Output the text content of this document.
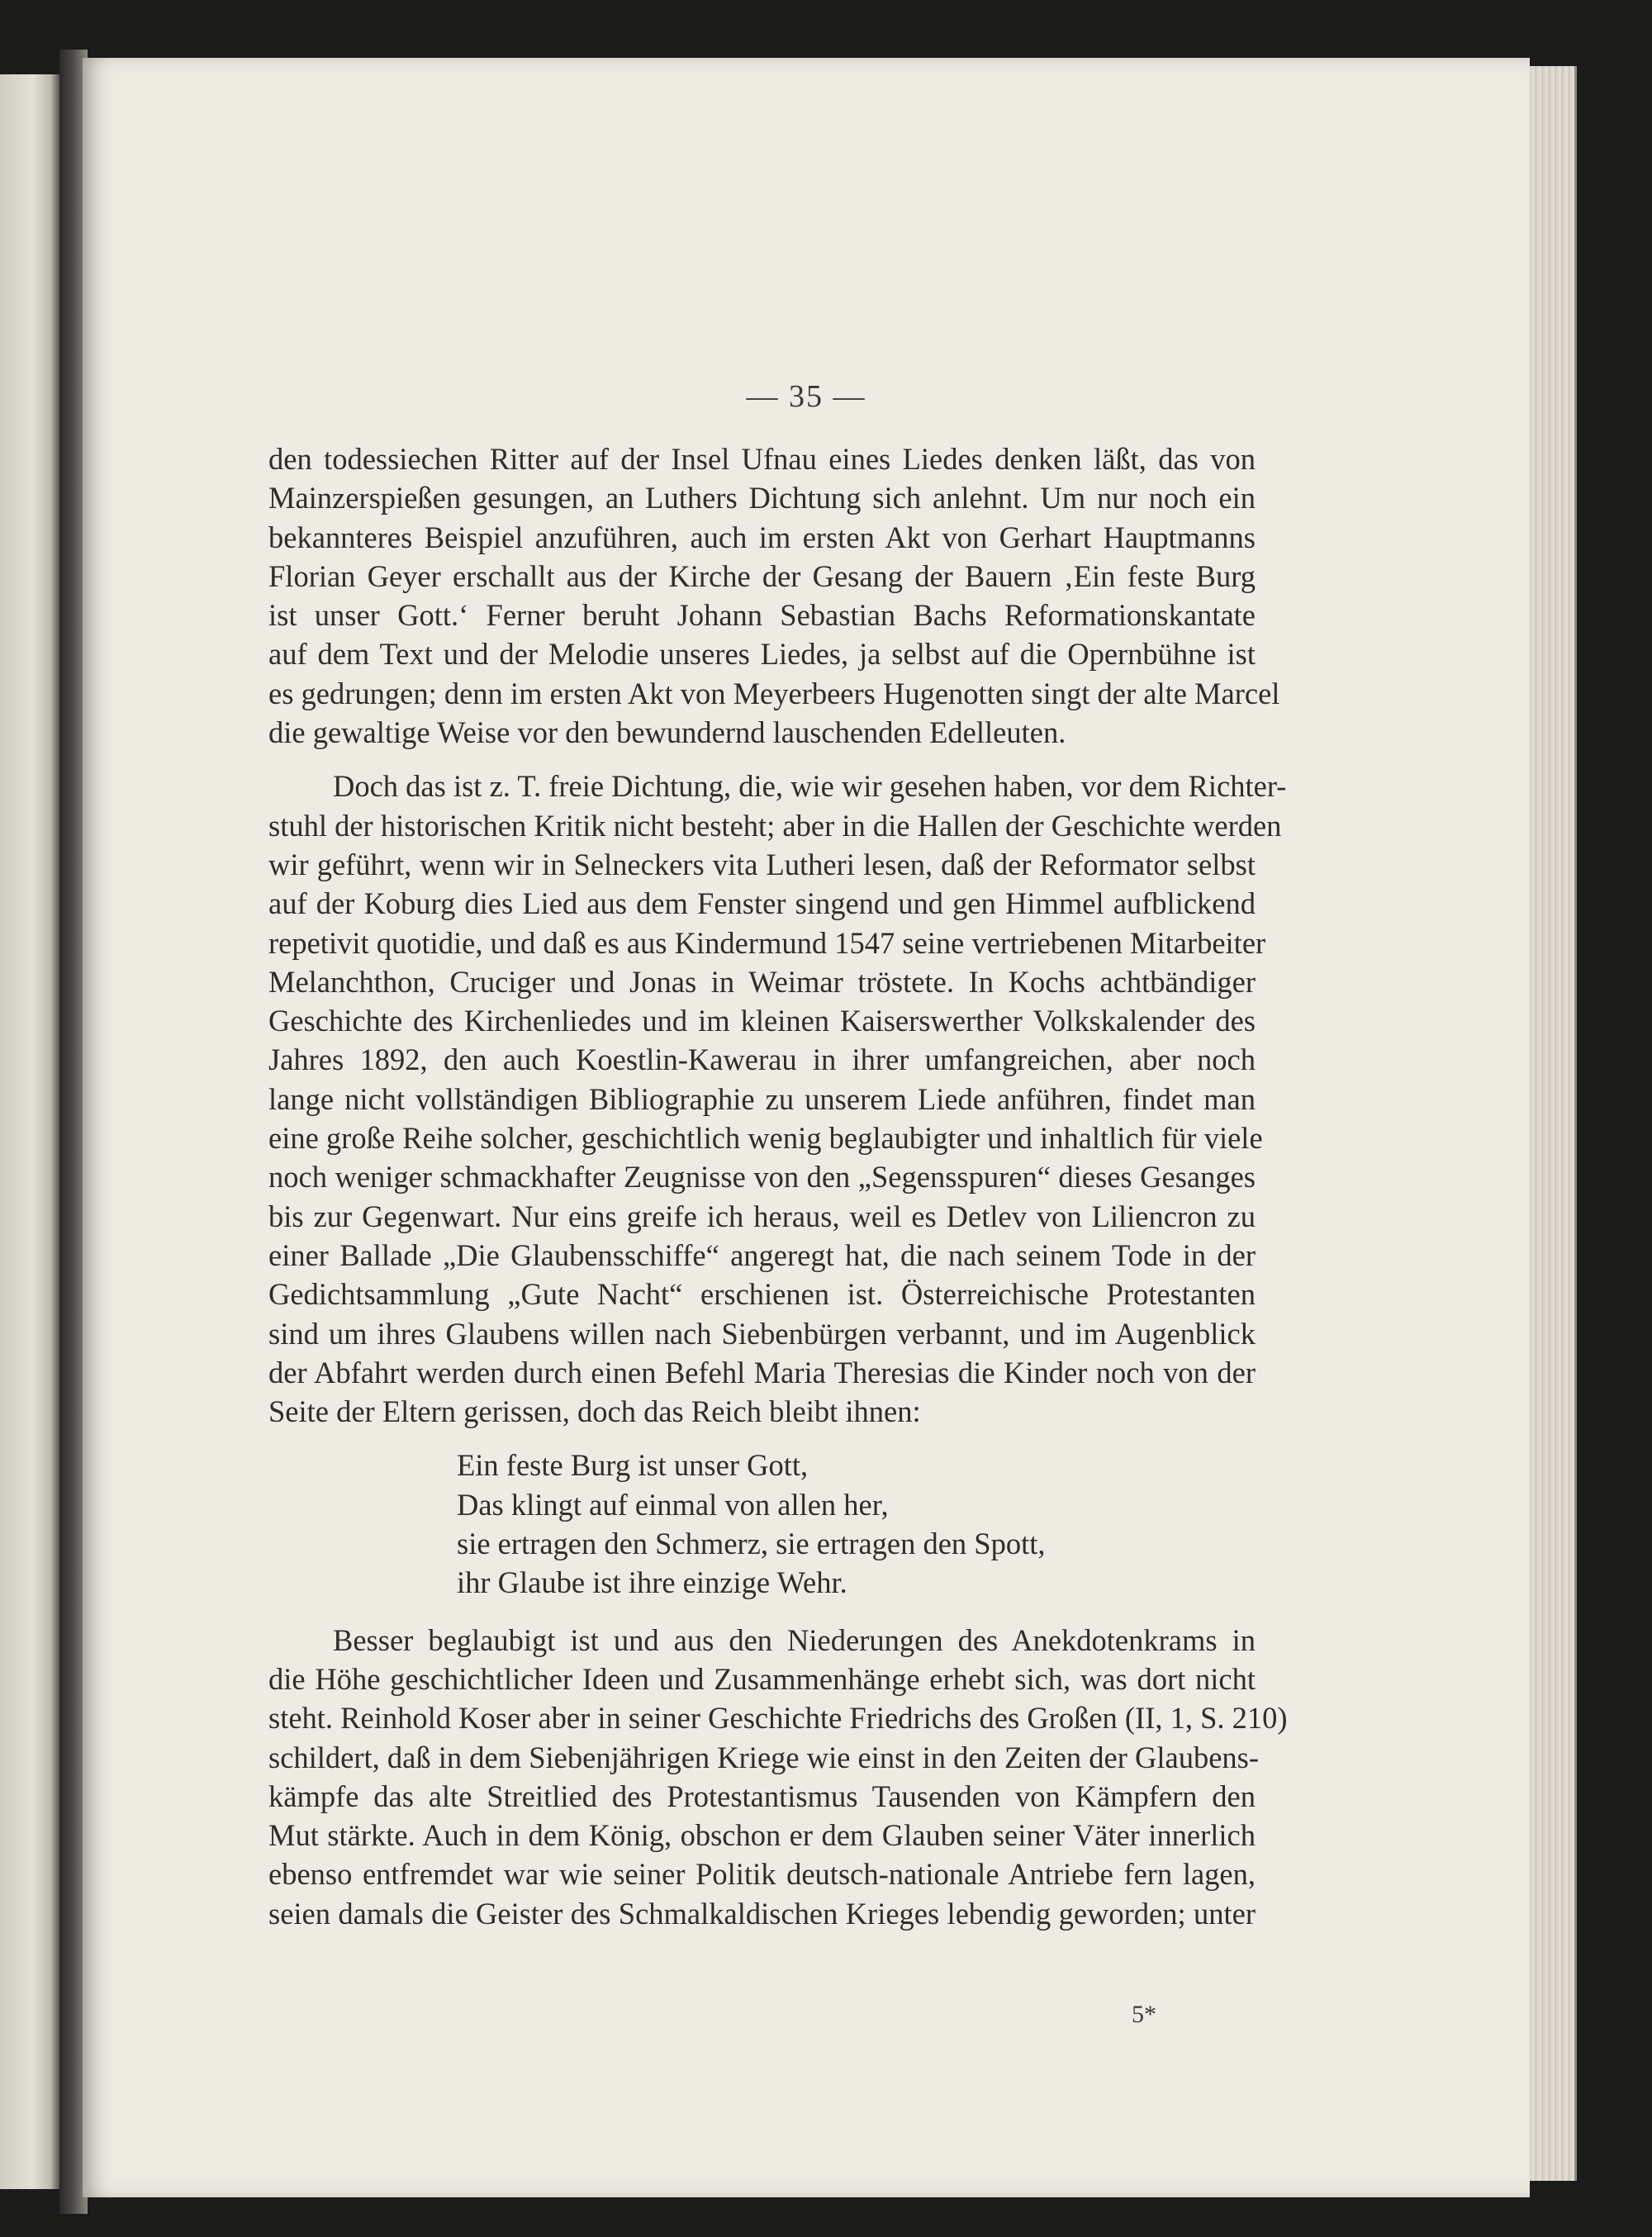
— 35 —
den todessiechen Ritter auf der Insel Ufnau eines Liedes denken läßt, das von
Mainzerspießen gesungen, an Luthers Dichtung sich anlehnt. Um nur noch ein
bekannteres Beispiel anzuführen, auch im ersten Akt von Gerhart Hauptmanns
Florian Geyer erschallt aus der Kirche der Gesang der Bauern ‚Ein feste Burg
ist unser Gott.‘ Ferner beruht Johann Sebastian Bachs Reformationskantate
auf dem Text und der Melodie unseres Liedes, ja selbst auf die Opernbühne ist
es gedrungen; denn im ersten Akt von Meyerbeers Hugenotten singt der alte Marcel
die gewaltige Weise vor den bewundernd lauschenden Edelleuten.
Doch das ist z. T. freie Dichtung, die, wie wir gesehen haben, vor dem Richter-
stuhl der historischen Kritik nicht besteht; aber in die Hallen der Geschichte werden
wir geführt, wenn wir in Selneckers vita Lutheri lesen, daß der Reformator selbst
auf der Koburg dies Lied aus dem Fenster singend und gen Himmel aufblickend
repetivit quotidie, und daß es aus Kindermund 1547 seine vertriebenen Mitarbeiter
Melanchthon, Cruciger und Jonas in Weimar tröstete. In Kochs achtbändiger
Geschichte des Kirchenliedes und im kleinen Kaiserswerther Volkskalender des
Jahres 1892, den auch Koestlin-Kawerau in ihrer umfangreichen, aber noch
lange nicht vollständigen Bibliographie zu unserem Liede anführen, findet man
eine große Reihe solcher, geschichtlich wenig beglaubigter und inhaltlich für viele
noch weniger schmackhafter Zeugnisse von den „Segensspuren“ dieses Gesanges
bis zur Gegenwart. Nur eins greife ich heraus, weil es Detlev von Liliencron zu
einer Ballade „Die Glaubensschiffe“ angeregt hat, die nach seinem Tode in der
Gedichtsammlung „Gute Nacht“ erschienen ist. Österreichische Protestanten
sind um ihres Glaubens willen nach Siebenbürgen verbannt, und im Augenblick
der Abfahrt werden durch einen Befehl Maria Theresias die Kinder noch von der
Seite der Eltern gerissen, doch das Reich bleibt ihnen:
Ein feste Burg ist unser Gott,
Das klingt auf einmal von allen her,
sie ertragen den Schmerz, sie ertragen den Spott,
ihr Glaube ist ihre einzige Wehr.
Besser beglaubigt ist und aus den Niederungen des Anekdotenkrams in
die Höhe geschichtlicher Ideen und Zusammenhänge erhebt sich, was dort nicht
steht. Reinhold Koser aber in seiner Geschichte Friedrichs des Großen (II, 1, S. 210)
schildert, daß in dem Siebenjährigen Kriege wie einst in den Zeiten der Glaubens-
kämpfe das alte Streitlied des Protestantismus Tausenden von Kämpfern den
Mut stärkte. Auch in dem König, obschon er dem Glauben seiner Väter innerlich
ebenso entfremdet war wie seiner Politik deutsch-nationale Antriebe fern lagen,
seien damals die Geister des Schmalkaldischen Krieges lebendig geworden; unter
5*
